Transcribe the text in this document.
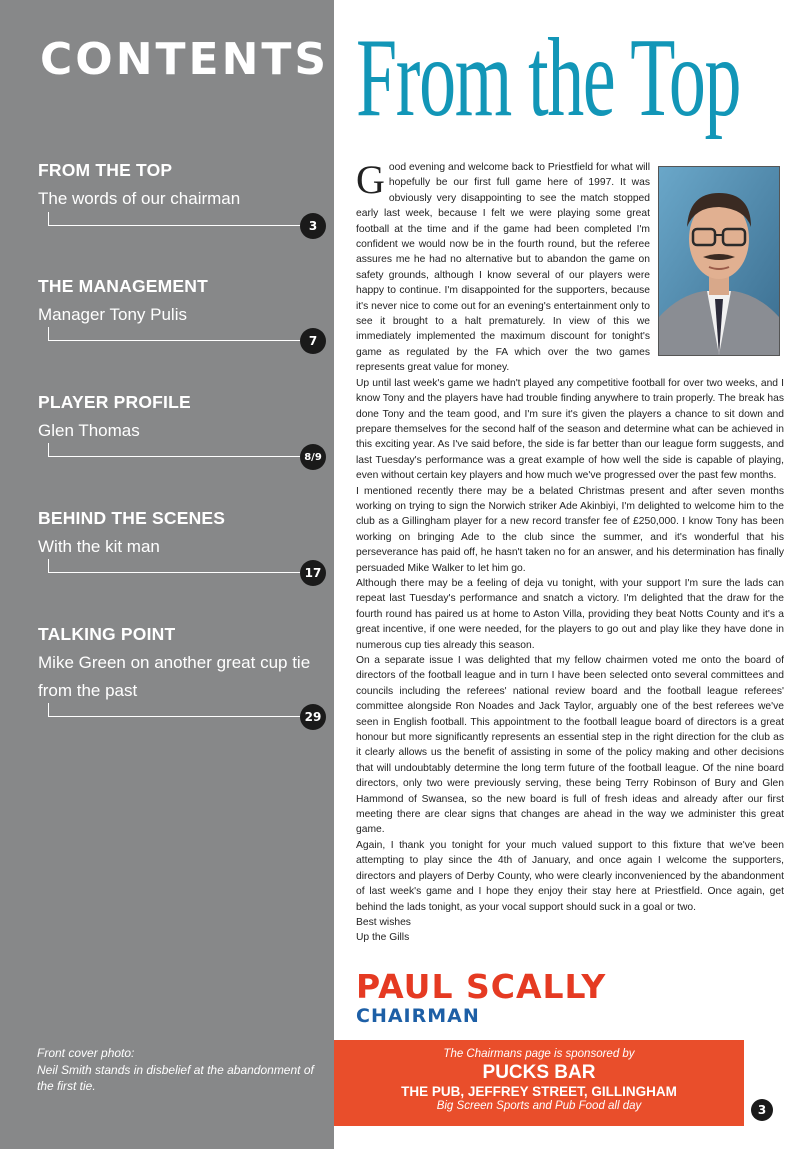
CONTENTS
FROM THE TOP
The words of our chairman
3
THE MANAGEMENT
Manager Tony Pulis
7
PLAYER PROFILE
Glen Thomas
8/9
BEHIND THE SCENES
With the kit man
17
TALKING POINT
Mike Green on another great cup tie from the past
29
Front cover photo:
Neil Smith stands in disbelief at the abandonment of the first tie.
From the Top

Good evening and welcome back to Priestfield for what will hopefully be our first full game here of 1997. It was obviously very disappointing to see the match stopped early last week, because I felt we were playing some great football at the time and if the game had been completed I'm confident we would now be in the fourth round, but the referee assures me he had no alternative but to abandon the game on safety grounds, although I know several of our players were happy to continue. I'm disappointed for the supporters, because it's never nice to come out for an evening's entertainment only to see it brought to a halt prematurely. In view of this we immediately implemented the maximum discount for tonight's game as regulated by the FA which over the two games represents great value for money.

Up until last week's game we hadn't played any competitive football for over two weeks, and I know Tony and the players have had trouble finding anywhere to train properly. The break has done Tony and the team good, and I'm sure it's given the players a chance to sit down and prepare themselves for the second half of the season and determine what can be achieved in this exciting year. As I've said before, the side is far better than our league form suggests, and last Tuesday's performance was a great example of how well the side is capable of playing, even without certain key players and how much we've progressed over the past few months.

I mentioned recently there may be a belated Christmas present and after seven months working on trying to sign the Norwich striker Ade Akinbiyi, I'm delighted to welcome him to the club as a Gillingham player for a new record transfer fee of £250,000. I know Tony has been working on bringing Ade to the club since the summer, and it's wonderful that his perseverance has paid off, he hasn't taken no for an answer, and his determination has finally persuaded Mike Walker to let him go.

Although there may be a feeling of deja vu tonight, with your support I'm sure the lads can repeat last Tuesday's performance and snatch a victory. I'm delighted that the draw for the fourth round has paired us at home to Aston Villa, providing they beat Notts County and it's a great incentive, if one were needed, for the players to go out and play like they have done in numerous cup ties already this season.

On a separate issue I was delighted that my fellow chairmen voted me onto the board of directors of the football league and in turn I have been selected onto several committees and councils including the referees' national review board and the football league referees' committee alongside Ron Noades and Jack Taylor, arguably one of the best referees we've seen in English football. This appointment to the football league board of directors is a great honour but more significantly represents an essential step in the right direction for the club as it clearly allows us the benefit of assisting in some of the policy making and other decisions that will undoubtably determine the long term future of the football league. Of the nine board directors, only two were previously serving, these being Terry Robinson of Bury and Glen Hammond of Swansea, so the new board is full of fresh ideas and already after our first meeting there are clear signs that changes are ahead in the way we administer this great game.

Again, I thank you tonight for your much valued support to this fixture that we've been attempting to play since the 4th of January, and once again I welcome the supporters, directors and players of Derby County, who were clearly inconvenienced by the abandonment of last week's game and I hope they enjoy their stay here at Priestfield. Once again, get behind the lads tonight, as your vocal support should suck in a goal or two.

Best wishes

Up the Gills

PAUL SCALLY
CHAIRMAN
The Chairmans page is sponsored by
PUCKS BAR
THE PUB, JEFFREY STREET, GILLINGHAM
Big Screen Sports and Pub Food all day	3
